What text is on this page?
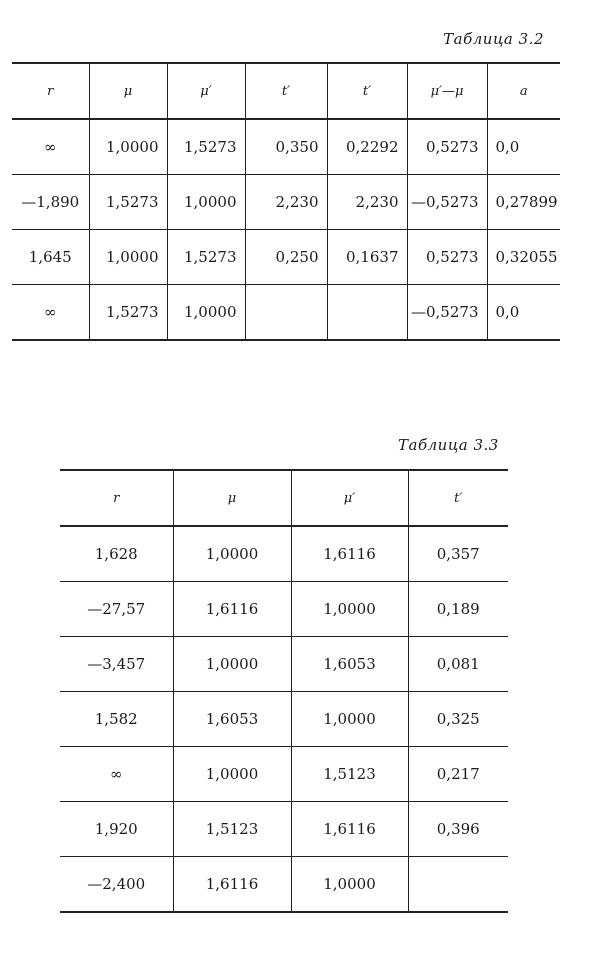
Таблица 3.2
r	μ	μ′	t′	t′	μ′—μ	a
∞	1,0000	1,5273	0,350	0,2292	0,5273	0,0
—1,890	1,5273	1,0000	2,230	2,230	—0,5273	0,27899
1,645	1,0000	1,5273	0,250	0,1637	0,5273	0,32055
∞	1,5273	1,0000			—0,5273	0,0
Таблица 3.3
r	μ	μ′	t′
1,628	1,0000	1,6116	0,357
—27,57	1,6116	1,0000	0,189
—3,457	1,0000	1,6053	0,081
1,582	1,6053	1,0000	0,325
∞	1,0000	1,5123	0,217
1,920	1,5123	1,6116	0,396
—2,400	1,6116	1,0000	
